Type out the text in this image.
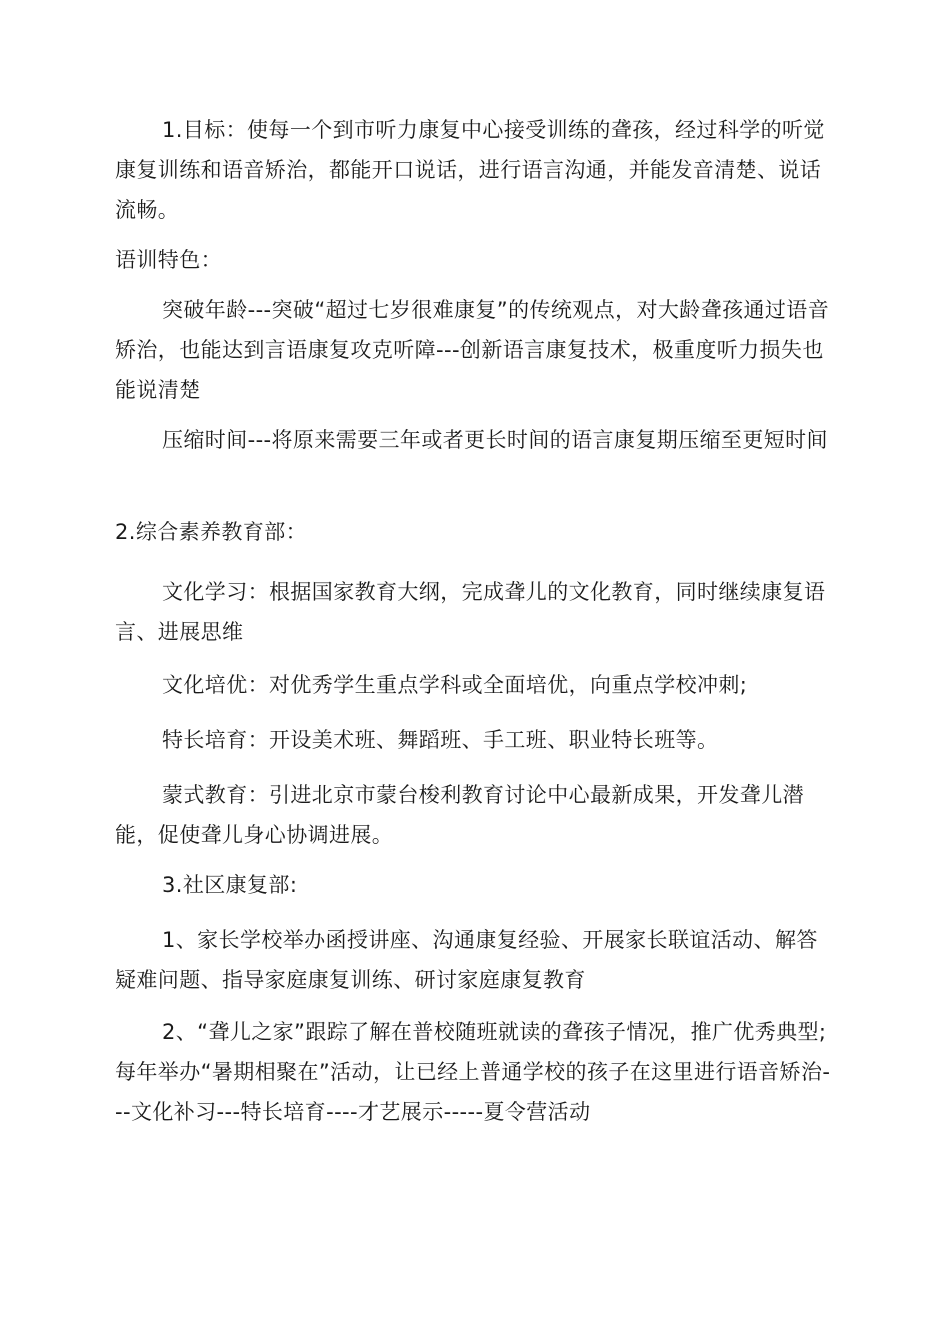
1.目标：使每一个到市听力康复中心接受训练的聋孩，经过科学的听觉康复训练和语音矫治，都能开口说话，进行语言沟通，并能发音清楚、说话流畅。

语训特色：

突破年龄---突破“超过七岁很难康复”的传统观点，对大龄聋孩通过语音矫治，也能达到言语康复攻克听障---创新语言康复技术，极重度听力损失也能说清楚

压缩时间---将原来需要三年或者更长时间的语言康复期压缩至更短时间

2.综合素养教育部：

文化学习：根据国家教育大纲，完成聋儿的文化教育，同时继续康复语言、进展思维

文化培优：对优秀学生重点学科或全面培优，向重点学校冲刺;

特长培育：开设美术班、舞蹈班、手工班、职业特长班等。

蒙式教育：引进北京市蒙台梭利教育讨论中心最新成果，开发聋儿潜能，促使聋儿身心协调进展。

3.社区康复部:

1、家长学校举办函授讲座、沟通康复经验、开展家长联谊活动、解答疑难问题、指导家庭康复训练、研讨家庭康复教育

2、“聋儿之家”跟踪了解在普校随班就读的聋孩子情况，推广优秀典型;每年举办“暑期相聚在”活动，让已经上普通学校的孩子在这里进行语音矫治---文化补习---特长培育----才艺展示-----夏令营活动
